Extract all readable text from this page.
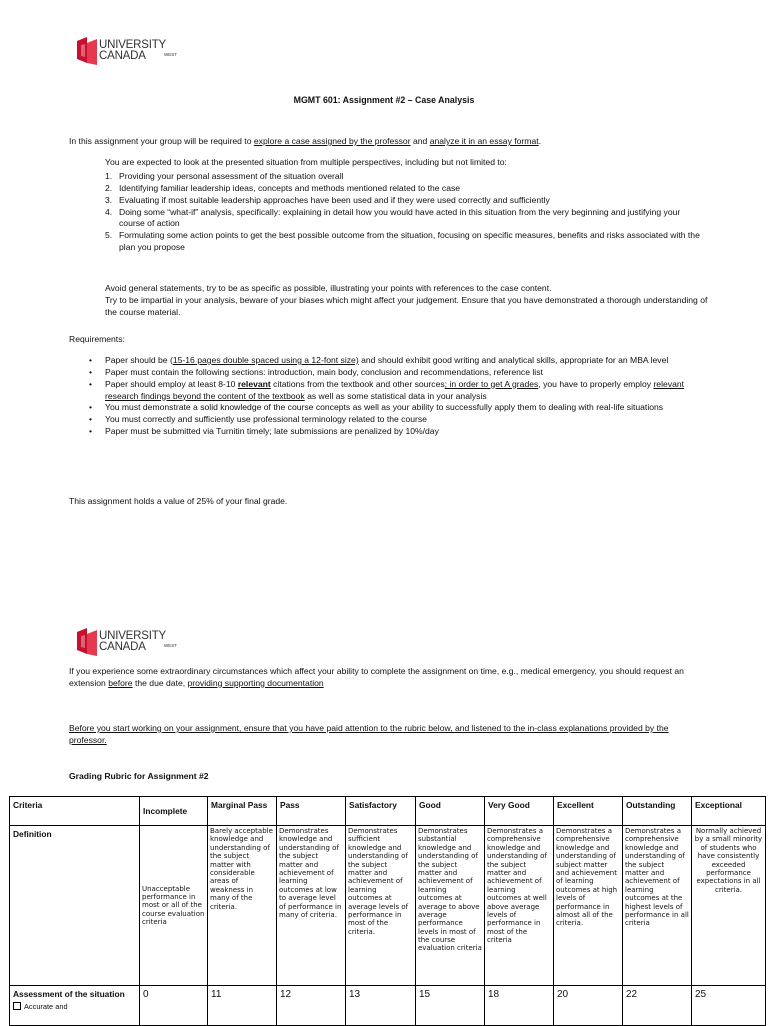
UNIVERSITY
CANADA	WEST
MGMT 601: Assignment #2 – Case Analysis
In this assignment your group will be required to explore a case assigned by the professor and analyze it in an essay format.
You are expected to look at the presented situation from multiple perspectives, including but not limited to:
1. Providing your personal assessment of the situation overall
2. Identifying familiar leadership ideas, concepts and methods mentioned related to the case
3. Evaluating if most suitable leadership approaches have been used and if they were used correctly and sufficiently
4. Doing some “what-if” analysis, specifically: explaining in detail how you would have acted in this situation from the very beginning and justifying your course of action
5. Formulating some action points to get the best possible outcome from the situation, focusing on specific measures, benefits and risks associated with the plan you propose
Avoid general statements, try to be as specific as possible, illustrating your points with references to the case content.
Try to be impartial in your analysis, beware of your biases which might affect your judgement. Ensure that you have demonstrated a thorough understanding of the course material.
Requirements:
• Paper should be (15-16 pages double spaced using a 12-font size) and should exhibit good writing and analytical skills, appropriate for an MBA level
• Paper must contain the following sections: introduction, main body, conclusion and recommendations, reference list
• Paper should employ at least 8-10 relevant citations from the textbook and other sources; in order to get A grades, you have to properly employ relevant research findings beyond the content of the textbook as well as some statistical data in your analysis
• You must demonstrate a solid knowledge of the course concepts as well as your ability to successfully apply them to dealing with real-life situations
• You must correctly and sufficiently use professional terminology related to the course
• Paper must be submitted via Turnitin timely; late submissions are penalized by 10%/day
This assignment holds a value of 25% of your final grade.
UNIVERSITY
CANADA	WEST
If you experience some extraordinary circumstances which affect your ability to complete the assignment on time, e.g., medical emergency, you should request an extension before the due date, providing supporting documentation
Before you start working on your assignment, ensure that you have paid attention to the rubric below, and listened to the in-class explanations provided by the professor.
Grading Rubric for Assignment #2
Criteria	Incomplete	Marginal Pass	Pass	Satisfactory	Good	Very Good	Excellent	Outstanding	Exceptional
Definition	Unacceptable performance in most or all of the course evaluation criteria	Barely acceptable knowledge and understanding of the subject matter with considerable areas of weakness in many of the criteria.	Demonstrates knowledge and understanding of the subject matter and achievement of learning outcomes at low to average level of performance in many of criteria.	Demonstrates sufficient knowledge and understanding of the subject matter and achievement of learning outcomes at average levels of performance in most of the criteria.	Demonstrates substantial knowledge and understanding of the subject matter and achievement of learning outcomes at average to above average performance levels in most of the course evaluation criteria	Demonstrates a comprehensive knowledge and understanding of the subject matter and achievement of learning outcomes at well above average levels of performance in most of the criteria	Demonstrates a comprehensive knowledge and understanding of subject matter and achievement of learning outcomes at high levels of performance in almost all of the criteria.	Demonstrates a comprehensive knowledge and understanding of the subject matter and achievement of learning outcomes at the highest levels of performance in all criteria	Normally achieved by a small minority of students who have consistently exceeded performance expectations in all criteria.
Assessment of the situation
Accurate and	0	11	12	13	15	18	20	22	25
